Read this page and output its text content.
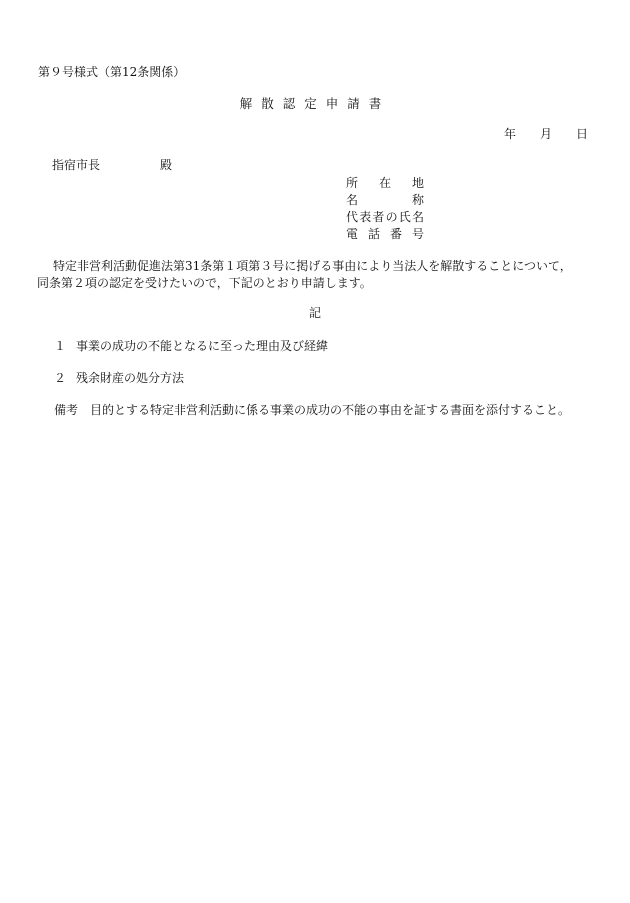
第９号様式（第12条関係）
解散認定申請書
年 月 日
指宿市長	殿
所在地
名称
代表者の氏名
電話番号

特定非営利活動促進法第31条第１項第３号に掲げる事由により当法人を解散することについて，

同条第２項の認定を受けたいので，下記のとおり申請します。

記
１ 事業の成功の不能となるに至った理由及び経緯
２ 残余財産の処分方法
備考 目的とする特定非営利活動に係る事業の成功の不能の事由を証する書面を添付すること。
